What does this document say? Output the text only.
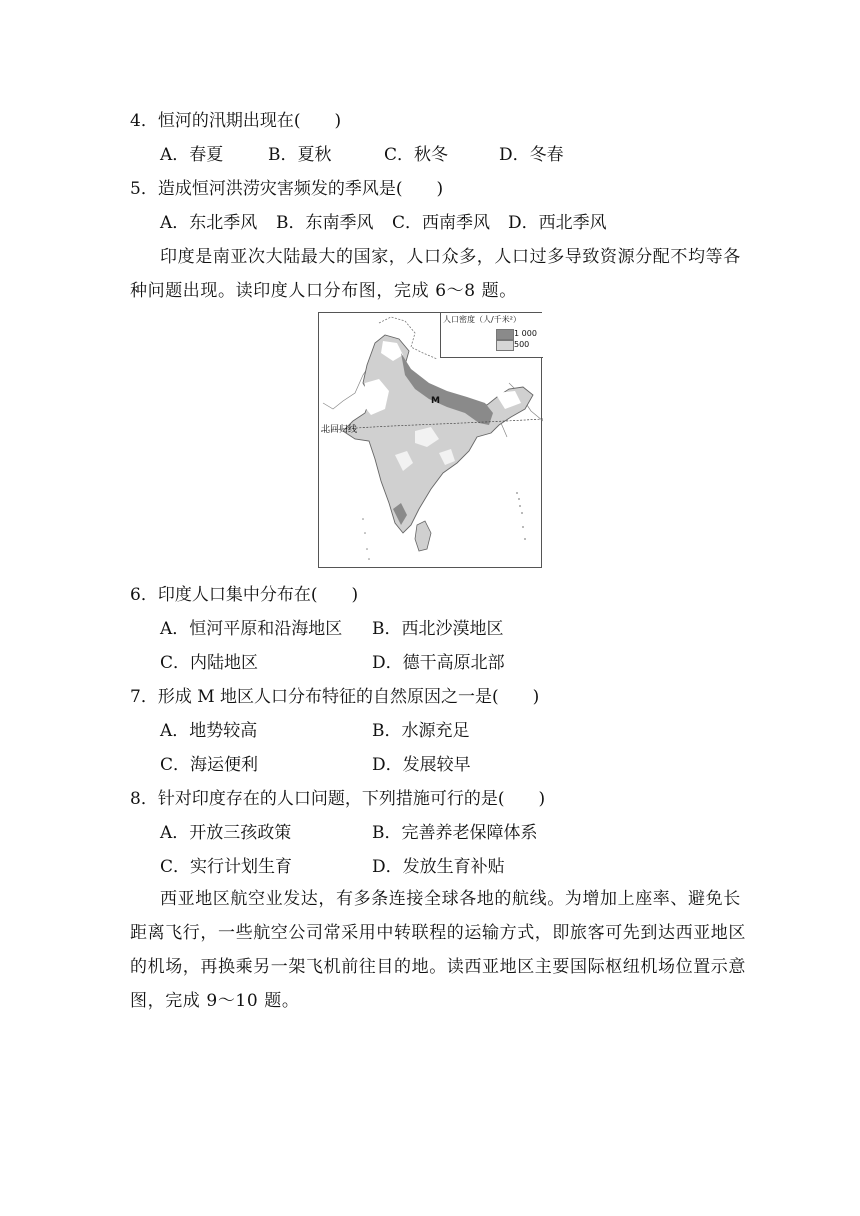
4．恒河的汛期出现在(　　)
A．春夏	B．夏秋	C．秋冬	D．冬春
5．造成恒河洪涝灾害频发的季风是(　　)
A．东北季风 B．东南季风 C．西南季风 D．西北季风
印度是南亚次大陆最大的国家，人口众多，人口过多导致资源分配不均等各
种问题出现。读印度人口分布图，完成 6～8 题。
人口密度（人/千米²）
1 000
500
M
北回归线
6．印度人口集中分布在(　　)
A．恒河平原和沿海地区 B．西北沙漠地区
C．内陆地区	D．德干高原北部
7．形成 M 地区人口分布特征的自然原因之一是(　　)
A．地势较高	B．水源充足
C．海运便利	D．发展较早
8．针对印度存在的人口问题，下列措施可行的是(　　)
A．开放三孩政策	B．完善养老保障体系
C．实行计划生育	D．发放生育补贴
西亚地区航空业发达，有多条连接全球各地的航线。为增加上座率、避免长
距离飞行，一些航空公司常采用中转联程的运输方式，即旅客可先到达西亚地区
的机场，再换乘另一架飞机前往目的地。读西亚地区主要国际枢纽机场位置示意
图，完成 9～10 题。
